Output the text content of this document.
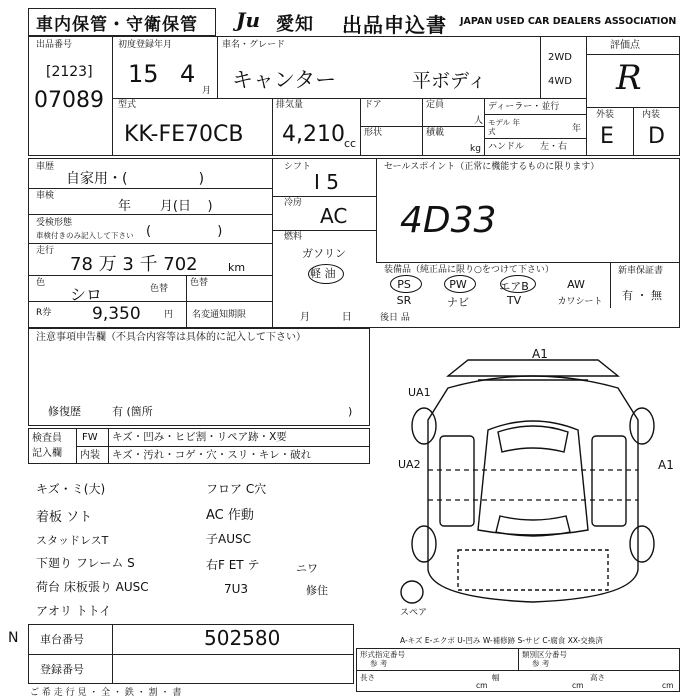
車内保管・守衛保管 Ju 愛知 出品申込書 JAPAN USED CAR DEALERS ASSOCIATION
出品番号
[2123]
07089
初度登録年月
15 4
月
車名・グレード
キャンター	平ボディ
2WD
4WD
評価点
R
外装	内装
E D
型式
KK-FE70CB
排気量
4,210 cc
ドア	定員
人
形状	積載
kg
ディーラー・並行
モデル 年式	年
ハンドル 左・右
車歴
自家用・(                )
車検
年       月(日    )
受検形態
車検付きのみ記入して下さい (                )
走行
78 万 3 千 702	km
色
シロ	色替
色替
R券 9,350	円 名変通知期限	月          日
シフト
I 5
冷房
AC
燃料
ガソリン
軽 油
セールスポイント（正常に機能するものに限ります）
4D33
装備品（純正品に限り○をつけて下さい）
PS	PW	エアB	AW
SR	ナビ	TV	カワシート
新車保証書
有 ・ 無
後日 品
注意事項申告欄（不具合内容等は具体的に記入して下さい）
修復歴	有 (箇所	)
検査員
記入欄
FW キズ・凹み・ヒビ割・リペア跡・X要
内装 キズ・汚れ・コゲ・穴・スリ・キレ・破れ
キズ・ミ(大)
着板 ソト
スタッドレスT
下廻り フレーム S
荷台 床板張り AUSC
アオリ トトイ
フロア C穴
AC 作動
子AUSC
右F ET テ
7U3
ニワ
修住
A1
UA1
UA2	A1
スペア
A-キズ E-エクボ U-凹み W-補修跡 S-サビ C-腐食 XX-交換済
N 車台番号	502580
登録番号
ご 希 走 行 見 ・ 全 ・ 鉄 ・ 割 ・ 書
形式指定番号
参 考
類別区分番号
参 考
長さ
cm
幅
cm
高さ
cm
